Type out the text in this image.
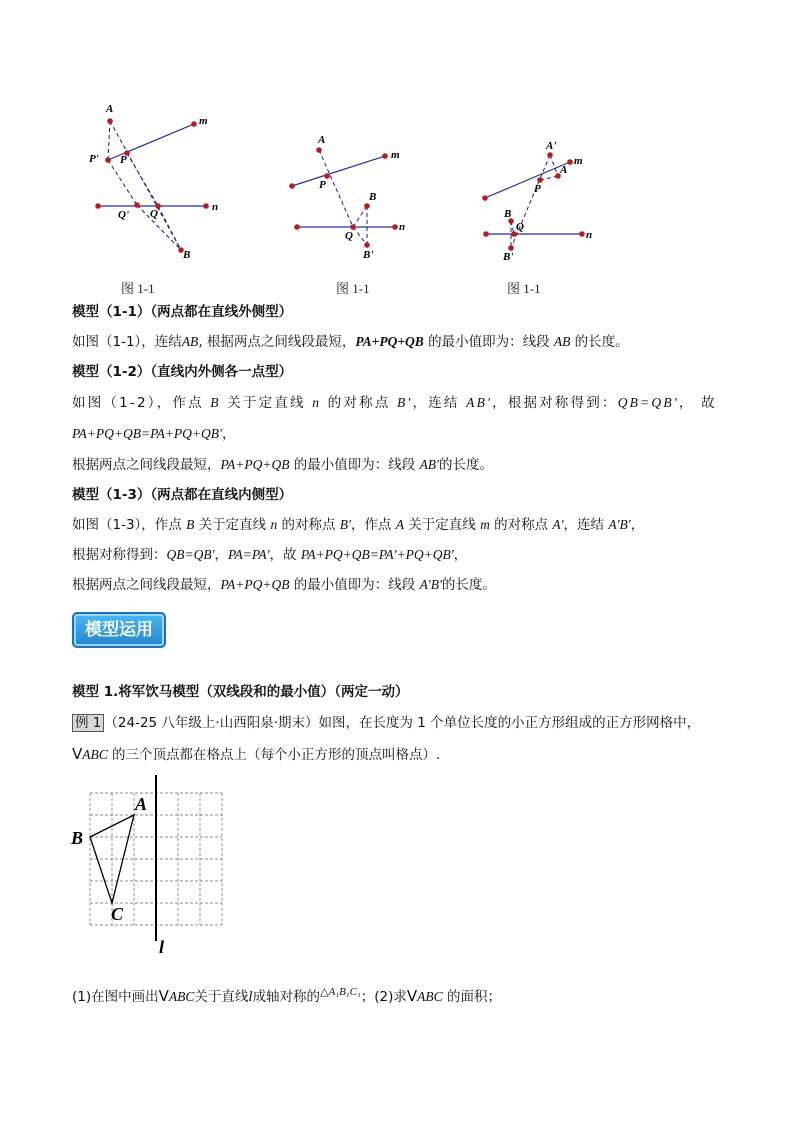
A
P' P
m
Q' Q
n
B
A
m
P
B
Q
n
B'
A'
m
A
P
B
Q
n
B'
图 1-1	图 1-1	图 1-1
模型（1-1）（两点都在直线外侧型）
如图（1-1），连结AB, 根据两点之间线段最短，PA+PQ+QB 的最小值即为：线段 AB 的长度。
模型（1-2）（直线内外侧各一点型）
如图（1-2），作点 B 关于定直线 n 的对称点 B'，连结 AB'，根据对称得到：QB=QB'， 故
PA+PQ+QB=PA+PQ+QB'，
根据两点之间线段最短，PA+PQ+QB 的最小值即为：线段 AB'的长度。
模型（1-3）（两点都在直线内侧型）
如图（1-3），作点 B 关于定直线 n 的对称点 B'，作点 A 关于定直线 m 的对称点 A'，连结 A'B'，
根据对称得到：QB=QB'，PA=PA'，故 PA+PQ+QB=PA'+PQ+QB'，
根据两点之间线段最短，PA+PQ+QB 的最小值即为：线段 A'B'的长度。
模型运用
模型 1.将军饮马模型（双线段和的最小值）（两定一动）
例 1 （24-25 八年级上·山西阳泉·期末）如图，在长度为 1 个单位长度的小正方形组成的正方形网格中，
VABC 的三个顶点都在格点上（每个小正方形的顶点叫格点）.
A
B
C
l
(1)在图中画出VABC关于直线l成轴对称的$^{\triangle A_1B_1C_1}$；(2)求VABC 的面积；
